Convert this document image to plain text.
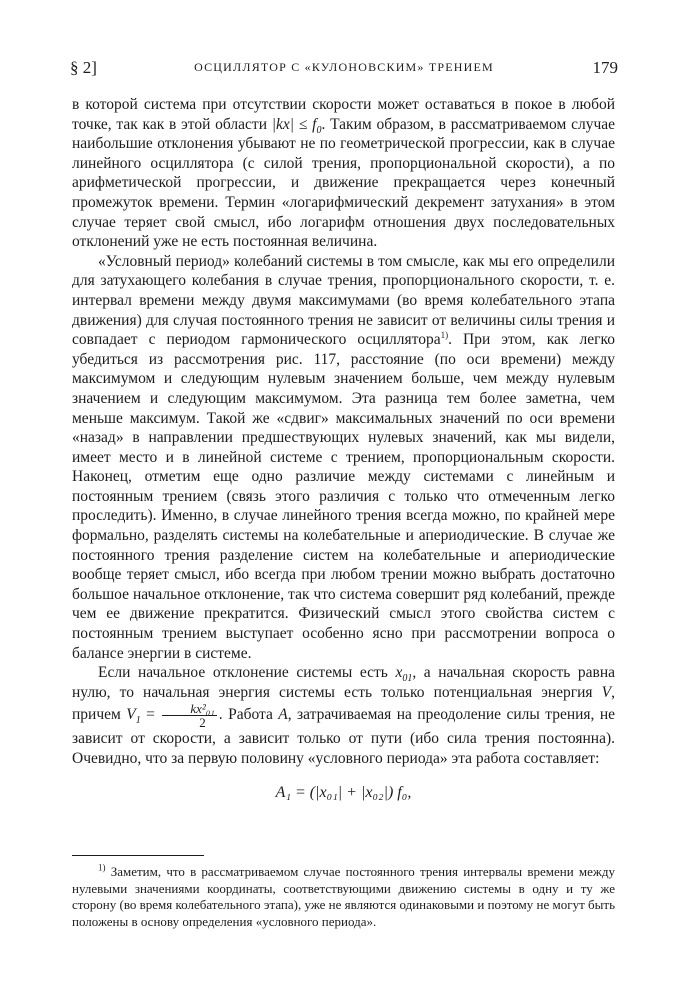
§ 2]	ОСЦИЛЛЯТОР С «КУЛОНОВСКИМ» ТРЕНИЕМ	179

в которой система при отсутствии скорости может оставаться в покое в любой точке, так как в этой области $|kx| \le f_0$. Таким образом, в рассматриваемом случае наибольшие отклонения убывают не по геометрической прогрессии, как в случае линейного осциллятора (с силой трения, пропорциональной скорости), а по арифметической прогрессии, и движение прекращается через конечный промежуток времени. Термин «логарифмический декремент затухания» в этом случае теряет свой смысл, ибо логарифм отношения двух последовательных отклонений уже не есть постоянная величина.

«Условный период» колебаний системы в том смысле, как мы его определили для затухающего колебания в случае трения, пропорционального скорости, т. е. интервал времени между двумя максимумами (во время колебательного этапа движения) для случая постоянного трения не зависит от величины силы трения и совпадает с периодом гармонического осциллятора$^{1)}$. При этом, как легко убедиться из рассмотрения рис. 117, расстояние (по оси времени) между максимумом и следующим нулевым значением больше, чем между нулевым значением и следующим максимумом. Эта разница тем более заметна, чем меньше максимум. Такой же «сдвиг» максимальных значений по оси времени «назад» в направлении предшествующих нулевых значений, как мы видели, имеет место и в линейной системе с трением, пропорциональным скорости. Наконец, отметим еще одно различие между системами с линейным и постоянным трением (связь этого различия с только что отмеченным легко проследить). Именно, в случае линейного трения всегда можно, по крайней мере формально, разделять системы на колебательные и апериодические. В случае же постоянного трения разделение систем на колебательные и апериодические вообще теряет смысл, ибо всегда при любом трении можно выбрать достаточно большое начальное отклонение, так что система совершит ряд колебаний, прежде чем ее движение прекратится. Физический смысл этого свойства систем с постоянным трением выступает особенно ясно при рассмотрении вопроса о балансе энергии в системе.

Если начальное отклонение системы есть $x_{01}$, а начальная скорость равна нулю, то начальная энергия системы есть только потенциальная энергия V, причем $V_1 = \frac{\text{kx²₀₁}}{2}$ . Работа A, затрачиваемая на преодоление силы трения, не зависит от скорости, а зависит только от пути (ибо сила трения постоянна). Очевидно, что за первую половину «условного периода» эта работа составляет:

A₁ = (|x₀₁| + |x₀₂|) f₀,

$^{1)}$ Заметим, что в рассматриваемом случае постоянного трения интервалы времени между нулевыми значениями координаты, соответствующими движению системы в одну и ту же сторону (во время колебательного этапа), уже не являются одинаковыми и поэтому не могут быть положены в основу определения «условного периода».
